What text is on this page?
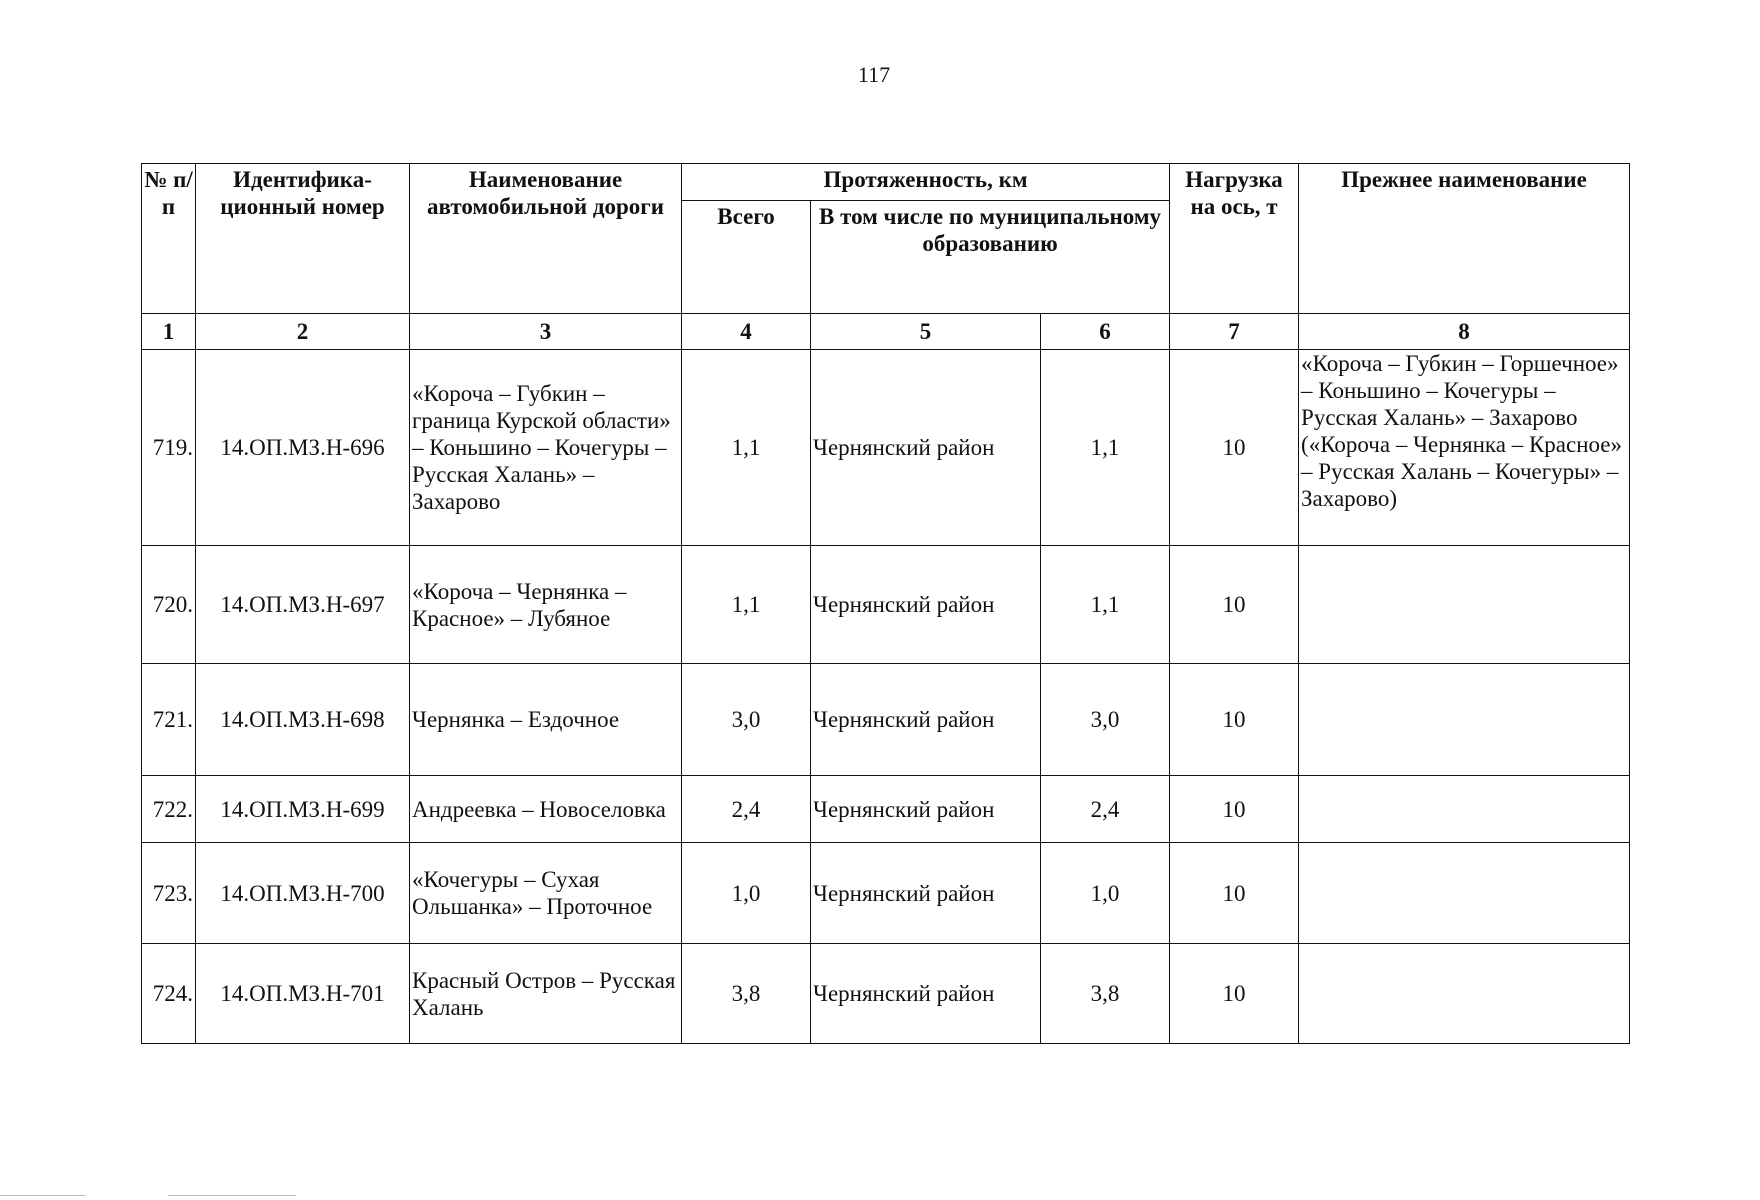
117
№ п/п	Идентифика-ционный номер	Наименование автомобильной дороги	Протяженность, км			Нагрузка на ось, т	Прежнее наименование
			Всего	В том числе по муниципальному образованию			
1	2	3	4	5	6	7	8
719.	14.ОП.МЗ.Н-696	«Короча – Губкин – граница Курской области» – Коньшино – Кочегуры – Русская Халань» – Захарово	1,1	Чернянский район	1,1	10	«Короча – Губкин – Горшечное» – Коньшино – Кочегуры – Русская Халань» – Захарово («Короча – Чернянка – Красное» – Русская Халань – Кочегуры» – Захарово)
720.	14.ОП.МЗ.Н-697	«Короча – Чернянка – Красное» – Лубяное	1,1	Чернянский район	1,1	10	
721.	14.ОП.МЗ.Н-698	Чернянка – Ездочное	3,0	Чернянский район	3,0	10	
722.	14.ОП.МЗ.Н-699	Андреевка – Новоселовка	2,4	Чернянский район	2,4	10	
723.	14.ОП.МЗ.Н-700	«Кочегуры – Сухая Ольшанка» – Проточное	1,0	Чернянский район	1,0	10	
724.	14.ОП.МЗ.Н-701	Красный Остров – Русская Халань	3,8	Чернянский район	3,8	10	
